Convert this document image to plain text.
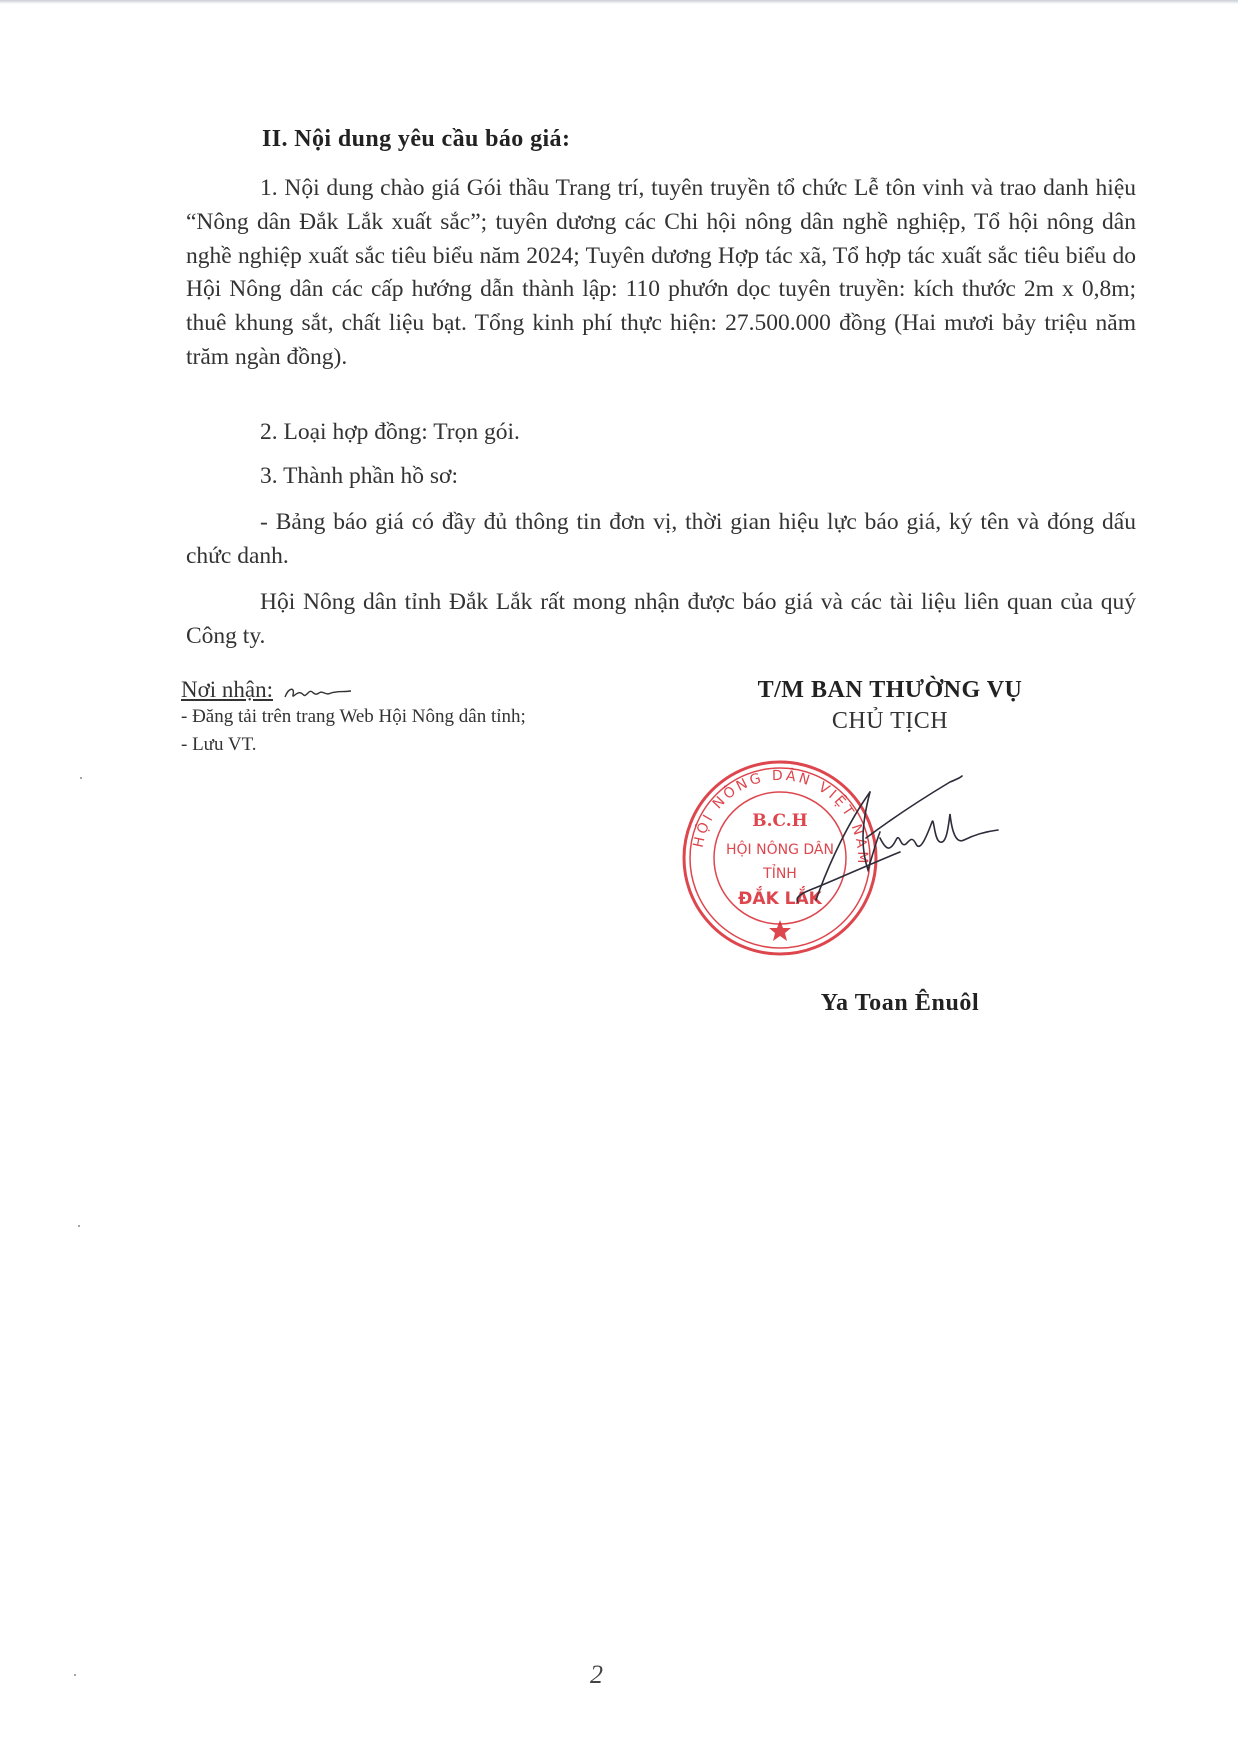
II. Nội dung yêu cầu báo giá:

1. Nội dung chào giá Gói thầu Trang trí, tuyên truyền tổ chức Lễ tôn vinh và trao danh hiệu “Nông dân Đắk Lắk xuất sắc”; tuyên dương các Chi hội nông dân nghề nghiệp, Tổ hội nông dân nghề nghiệp xuất sắc tiêu biểu năm 2024; Tuyên dương Hợp tác xã, Tổ hợp tác xuất sắc tiêu biểu do Hội Nông dân các cấp hướng dẫn thành lập: 110 phướn dọc tuyên truyền: kích thước 2m x 0,8m; thuê khung sắt, chất liệu bạt. Tổng kinh phí thực hiện: 27.500.000 đồng (Hai mươi bảy triệu năm trăm ngàn đồng).

2. Loại hợp đồng: Trọn gói.

3. Thành phần hồ sơ:

- Bảng báo giá có đầy đủ thông tin đơn vị, thời gian hiệu lực báo giá, ký tên và đóng dấu chức danh.

Hội Nông dân tỉnh Đắk Lắk rất mong nhận được báo giá và các tài liệu liên quan của quý Công ty.

Nơi nhận:
- Đăng tải trên trang Web Hội Nông dân tỉnh;
- Lưu VT.
T/M BAN THƯỜNG VỤ
CHỦ TỊCH
HỘI NÔNG DÂN VIỆT NAM
B.C.H
HỘI NÔNG DÂN
TỈNH
ĐẮK LẮK
Ya Toan Ênuôl
2
